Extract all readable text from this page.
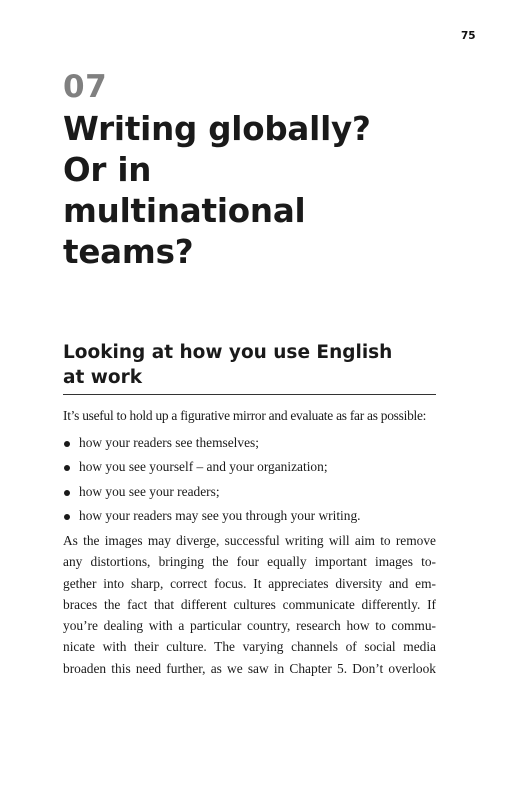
75
07
Writing globally?
Or in
multinational
teams?
Looking at how you use English
at work

It’s useful to hold up a figurative mirror and evaluate as far as possible:

how your readers see themselves;
how you see yourself – and your organization;
how you see your readers;
how your readers may see you through your writing.

As the images may diverge, successful writing will aim to remove
any distortions, bringing the four equally important images to-
gether into sharp, correct focus. It appreciates diversity and em-
braces the fact that different cultures communicate differently. If
you’re dealing with a particular country, research how to commu-
nicate with their culture. The varying channels of social media
broaden this need further, as we saw in Chapter 5. Don’t overlook
